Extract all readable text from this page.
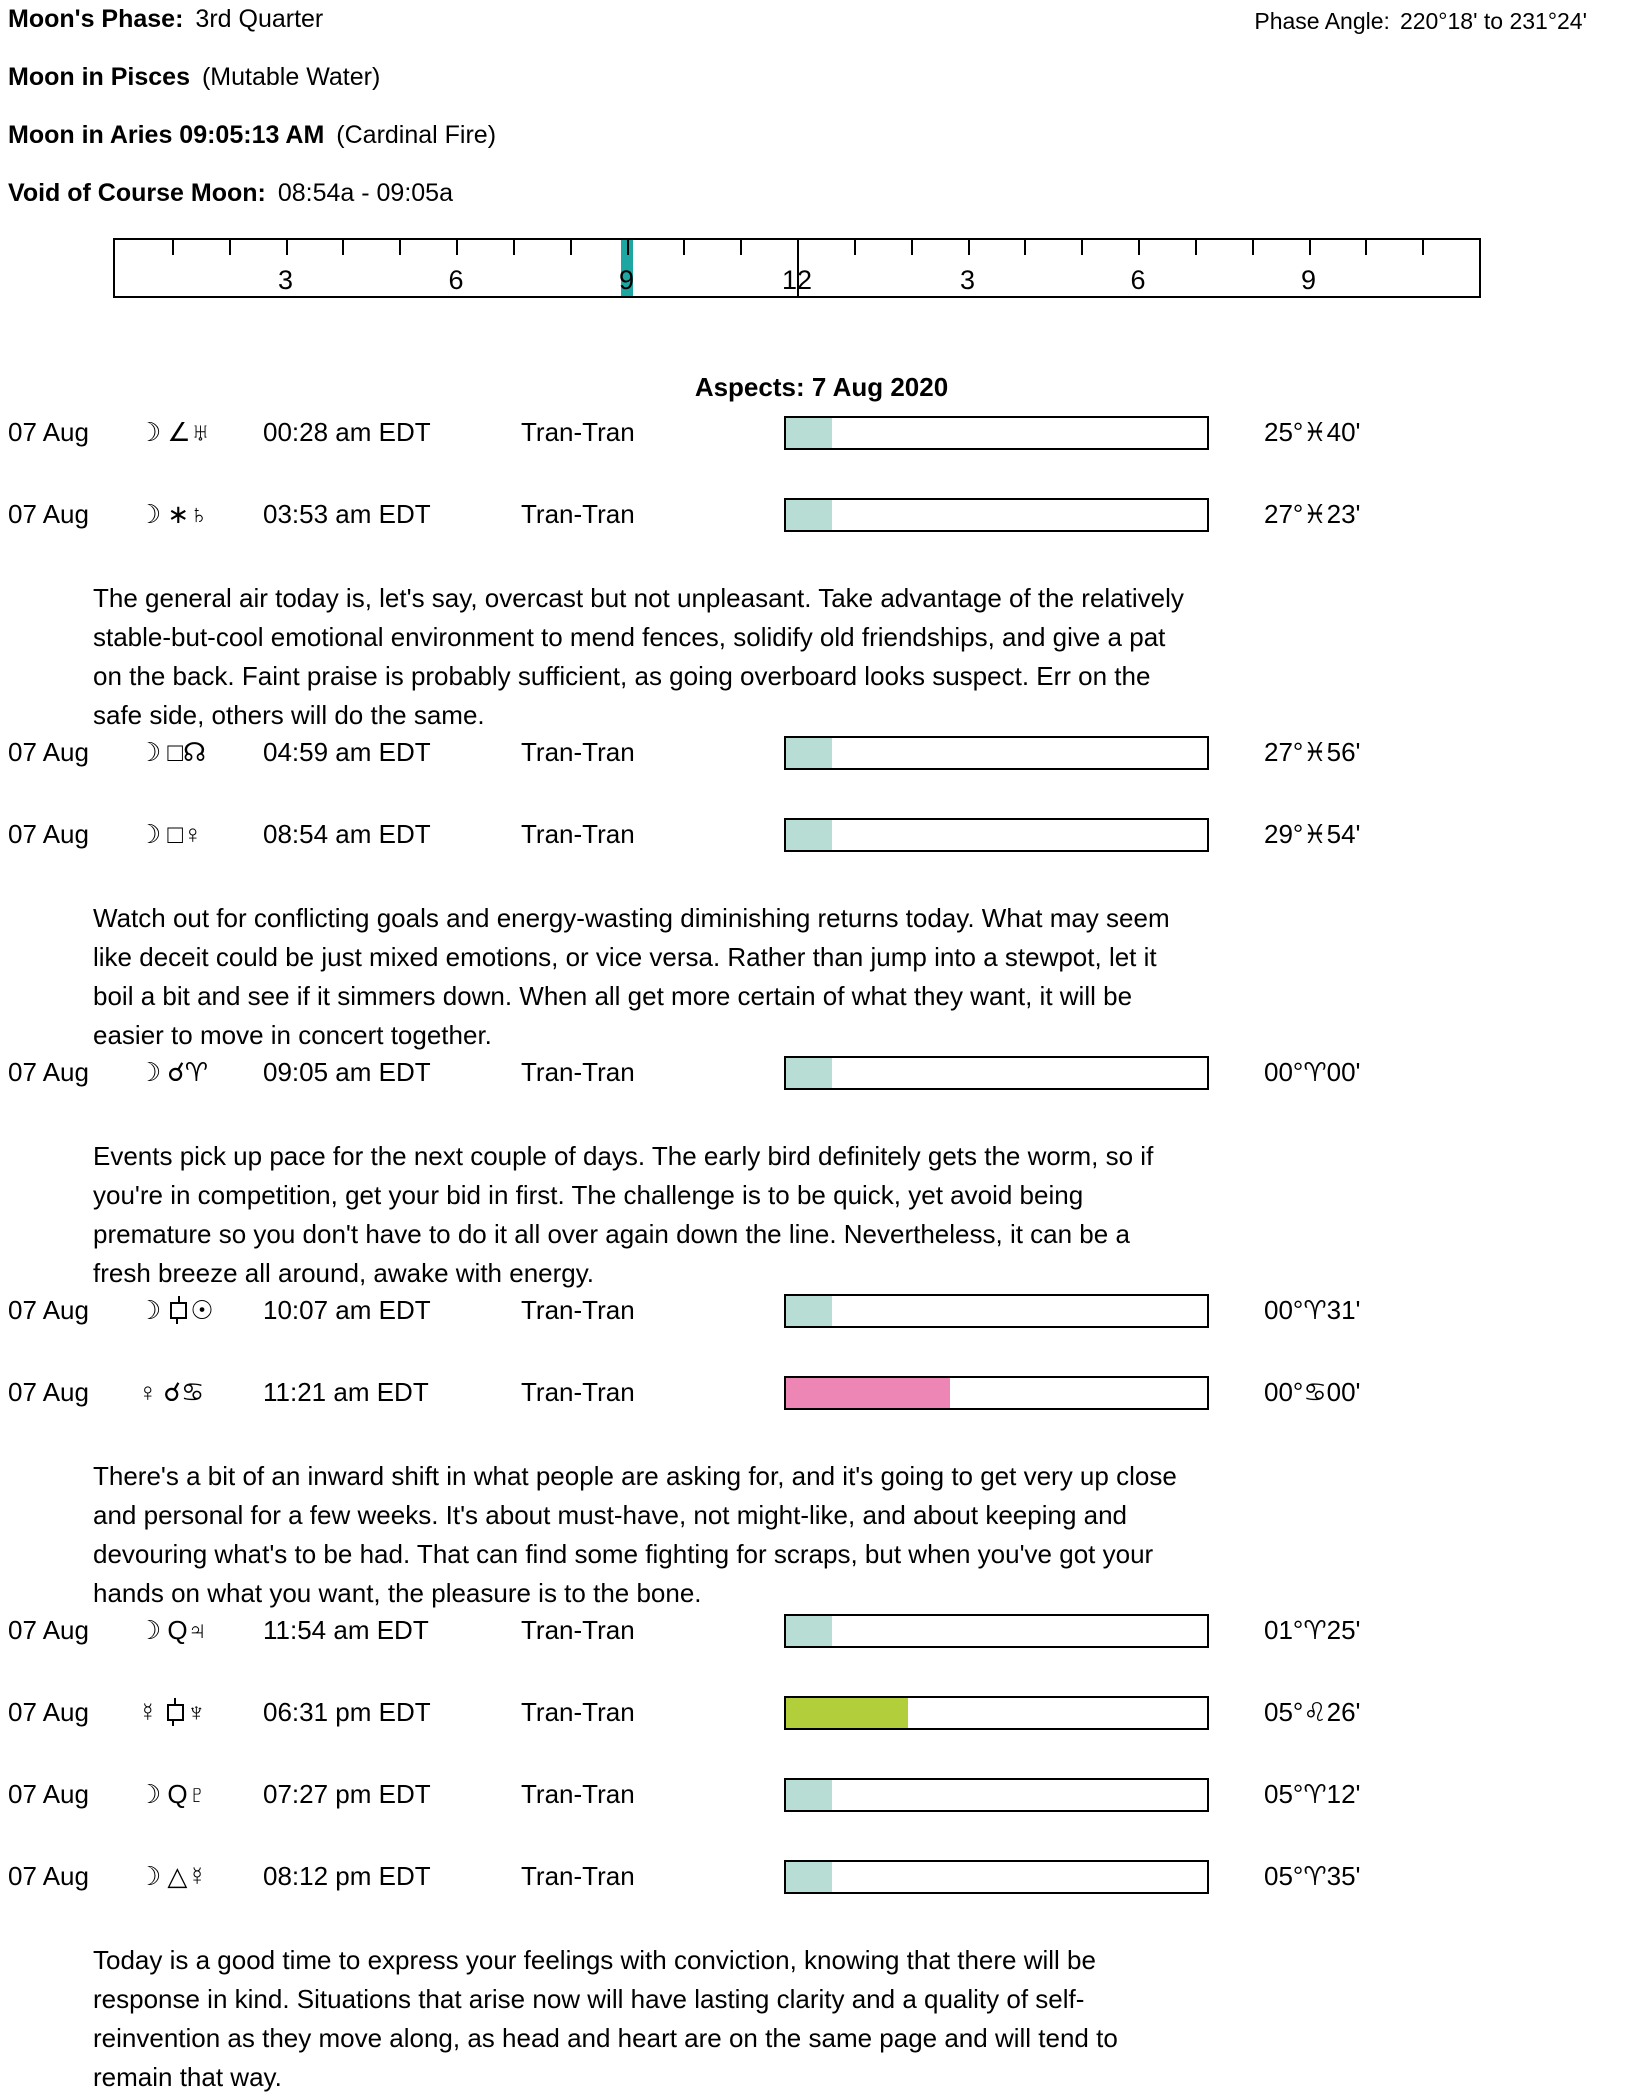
Moon's Phase: 3rd Quarter	Phase Angle: 220°18' to 231°24'
Moon in Pisces (Mutable Water)
Moon in Aries 09:05:13 AM (Cardinal Fire)
Void of Course Moon: 08:54a - 09:05a
3	6	9	12	3	6	9
Aspects: 7 Aug 2020
07 Aug ☽∠♅ 00:28 am EDT	Tran-Tran	25°♓40'
07 Aug ☽∗♄ 03:53 am EDT	Tran-Tran	27°♓23'
The general air today is, let's say, overcast but not unpleasant. Take advantage of the relatively stable-but-cool emotional environment to mend fences, solidify old friendships, and give a pat on the back. Faint praise is probably sufficient, as going overboard looks suspect. Err on the safe side, others will do the same.
07 Aug ☽□☊ 04:59 am EDT	Tran-Tran	27°♓56'
07 Aug ☽□♀ 08:54 am EDT	Tran-Tran	29°♓54'
Watch out for conflicting goals and energy-wasting diminishing returns today. What may seem like deceit could be just mixed emotions, or vice versa. Rather than jump into a stewpot, let it boil a bit and see if it simmers down. When all get more certain of what they want, it will be easier to move in concert together.
07 Aug ☽☌♈ 09:05 am EDT	Tran-Tran	00°♈00'
Events pick up pace for the next couple of days. The early bird definitely gets the worm, so if you're in competition, get your bid in first. The challenge is to be quick, yet avoid being premature so you don't have to do it all over again down the line. Nevertheless, it can be a fresh breeze all around, awake with energy.
07 Aug ☽ ☉ 10:07 am EDT	Tran-Tran	00°♈31'
07 Aug ♀☌♋ 11:21 am EDT	Tran-Tran	00°♋00'
There's a bit of an inward shift in what people are asking for, and it's going to get very up close and personal for a few weeks. It's about must-have, not might-like, and about keeping and devouring what's to be had. That can find some fighting for scraps, but when you've got your hands on what you want, the pleasure is to the bone.
07 Aug ☽Q♃ 11:54 am EDT	Tran-Tran	01°♈25'
07 Aug ☿ ♆ 06:31 pm EDT	Tran-Tran	05°♌26'
07 Aug ☽Q♇ 07:27 pm EDT	Tran-Tran	05°♈12'
07 Aug ☽△☿ 08:12 pm EDT	Tran-Tran	05°♈35'
Today is a good time to express your feelings with conviction, knowing that there will be response in kind. Situations that arise now will have lasting clarity and a quality of self-reinvention as they move along, as head and heart are on the same page and will tend to remain that way.
